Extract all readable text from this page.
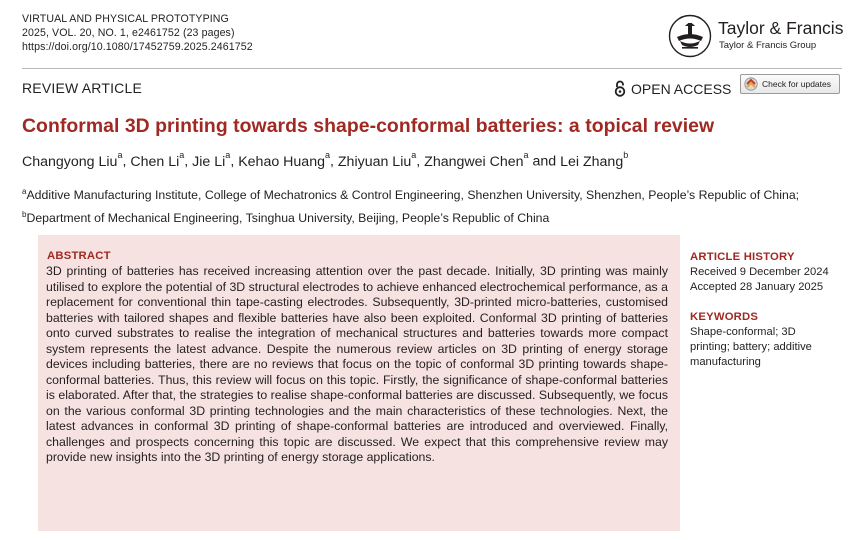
VIRTUAL AND PHYSICAL PROTOTYPING
2025, VOL. 20, NO. 1, e2461752 (23 pages)
https://doi.org/10.1080/17452759.2025.2461752
Taylor & Francis
Taylor & Francis Group
REVIEW ARTICLE	OPEN ACCESS	Check for updates
Conformal 3D printing towards shape-conformal batteries: a topical review
Changyong Liu$^a$, Chen Li$^a$, Jie Li$^a$, Kehao Huang$^a$, Zhiyuan Liu$^a$, Zhangwei Chen$^a$ and Lei Zhang$^b$
$^a$Additive Manufacturing Institute, College of Mechatronics & Control Engineering, Shenzhen University, Shenzhen, People’s Republic of China; $^b$Department of Mechanical Engineering, Tsinghua University, Beijing, People’s Republic of China
ABSTRACT
3D printing of batteries has received increasing attention over the past decade. Initially, 3D printing was mainly utilised to explore the potential of 3D structural electrodes to achieve enhanced electrochemical performance, as a replacement for conventional thin tape-casting electrodes. Subsequently, 3D-printed micro-batteries, customised batteries with tailored shapes and flexible batteries have also been exploited. Conformal 3D printing of batteries onto curved substrates to realise the integration of mechanical structures and batteries towards more compact system represents the latest advance. Despite the numerous review articles on 3D printing of energy storage devices including batteries, there are no reviews that focus on the topic of conformal 3D printing towards shape-conformal batteries. Thus, this review will focus on this topic. Firstly, the significance of shape-conformal batteries is elaborated. After that, the strategies to realise shape-conformal batteries are discussed. Subsequently, we focus on the various conformal 3D printing technologies and the main characteristics of these technologies. Next, the latest advances in conformal 3D printing of shape-conformal batteries are introduced and overviewed. Finally, challenges and prospects concerning this topic are discussed. We expect that this comprehensive review may provide new insights into the 3D printing of energy storage applications.
ARTICLE HISTORY
Received 9 December 2024
Accepted 28 January 2025
KEYWORDS
Shape-conformal; 3D printing; battery; additive manufacturing
